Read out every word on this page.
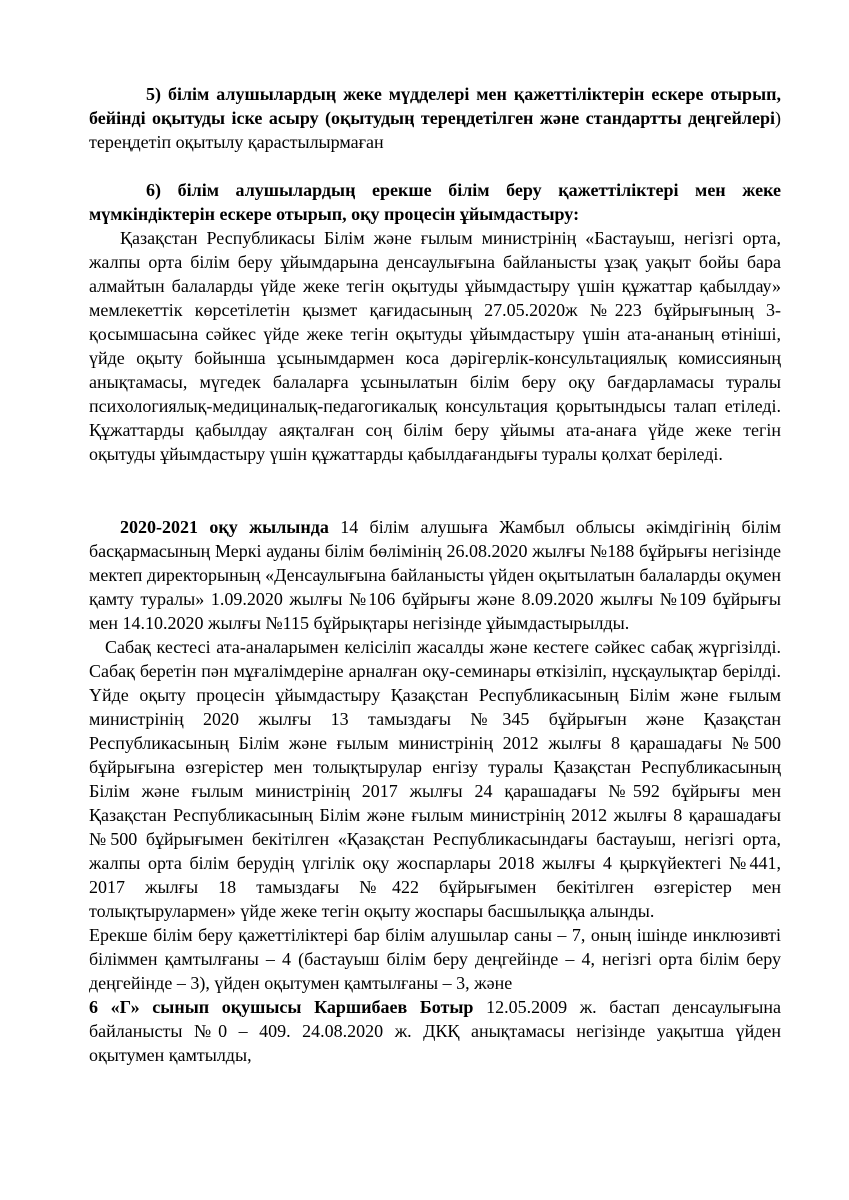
5) білім алушылардың жеке мүдделері мен қажеттіліктерін ескере отырып, бейінді оқытуды іске асыру (оқытудың тереңдетілген және стандартты деңгейлері) тереңдетіп оқытылу қарастылырмаған

6) білім алушылардың ерекше білім беру қажеттіліктері мен жеке мүмкіндіктерін ескере отырып, оқу процесін ұйымдастыру:

Қазақстан Республикасы Білім және ғылым министрінің «Бастауыш, негізгі орта, жалпы орта білім беру ұйымдарына денсаулығына байланысты ұзақ уақыт бойы бара алмайтын балаларды үйде жеке тегін оқытуды ұйымдастыру үшін құжаттар қабылдау» мемлекеттік көрсетілетін қызмет қағидасының 27.05.2020ж №223 бұйрығының 3- қосымшасына сәйкес үйде жеке тегін оқытуды ұйымдастыру үшін ата-ананың өтініші, үйде оқыту бойынша ұсынымдармен коса дәрігерлік-консультациялық комиссияның анықтамасы, мүгедек балаларға ұсынылатын білім беру оқу бағдарламасы туралы психологиялық-медициналық-педагогикалық консультация қорытындысы талап етіледі. Құжаттарды қабылдау аяқталған соң білім беру ұйымы ата-анаға үйде жеке тегін оқытуды ұйымдастыру үшін құжаттарды қабылдағандығы туралы қолхат беріледі.

2020-2021 оқу жылында 14 білім алушыға Жамбыл облысы әкімдігінің білім басқармасының Меркі ауданы білім бөлімінің 26.08.2020 жылғы №188 бұйрығы негізінде мектеп директорының «Денсаулығына байланысты үйден оқытылатын балаларды оқумен қамту туралы» 1.09.2020 жылғы №106 бұйрығы және 8.09.2020 жылғы №109 бұйрығы мен 14.10.2020 жылғы №115 бұйрықтары негізінде ұйымдастырылды.

Сабақ кестесі ата-аналарымен келісіліп жасалды және кестеге сәйкес сабақ жүргізілді. Сабақ беретін пән мұғалімдеріне арналған оқу-семинары өткізіліп, нұсқаулықтар берілді. Үйде оқыту процесін ұйымдастыру Қазақстан Республикасының Білім және ғылым министрінің 2020 жылғы 13 тамыздағы №345 бұйрығын және Қазақстан Республикасының Білім және ғылым министрінің 2012 жылғы 8 қарашадағы №500 бұйрығына өзгерістер мен толықтырулар енгізу туралы Қазақстан Республикасының Білім және ғылым министрінің 2017 жылғы 24 қарашадағы №592 бұйрығы мен Қазақстан Республикасының Білім және ғылым министрінің 2012 жылғы 8 қарашадағы №500 бұйрығымен бекітілген «Қазақстан Республикасындағы бастауыш, негізгі орта, жалпы орта білім берудің үлгілік оқу жоспарлары 2018 жылғы 4 қыркүйектегі №441, 2017 жылғы 18 тамыздағы №422 бұйрығымен бекітілген өзгерістер мен толықтырулармен» үйде жеке тегін оқыту жоспары басшылыққа алынды.

Ерекше білім беру қажеттіліктері бар білім алушылар саны – 7, оның ішінде инклюзивті біліммен қамтылғаны – 4 (бастауыш білім беру деңгейінде – 4, негізгі орта білім беру деңгейінде – 3), үйден оқытумен қамтылғаны – 3, және

6 «Г» сынып оқушысы Каршибаев Ботыр 12.05.2009 ж. бастап денсаулығына байланысты №0 – 409. 24.08.2020 ж. ДКҚ анықтамасы негізінде уақытша үйден оқытумен қамтылды,
